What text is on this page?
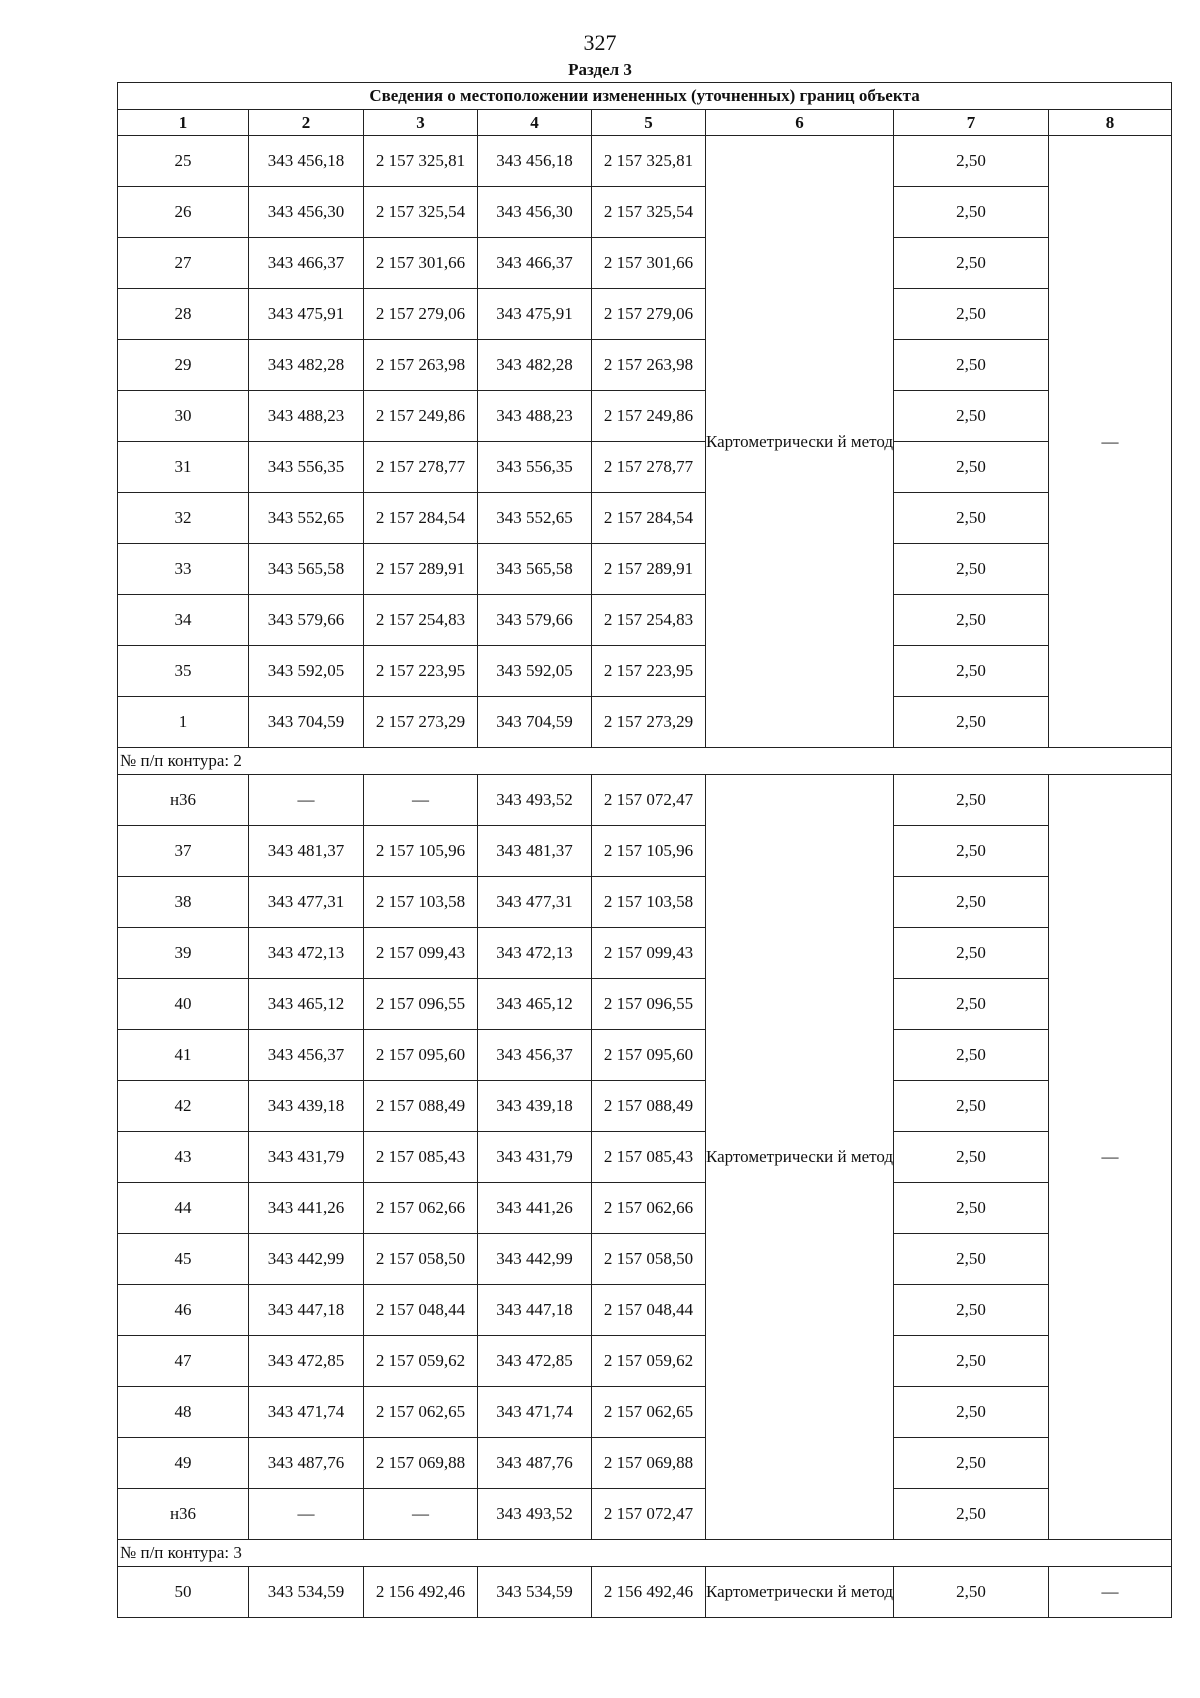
327
Раздел 3
Сведения о местоположении измененных (уточненных) границ объекта							
1	2	3	4	5	6	7	8
25	343 456,18	2 157 325,81	343 456,18	2 157 325,81	Картометрически й метод	2,50	—
26	343 456,30	2 157 325,54	343 456,30	2 157 325,54		2,50	
27	343 466,37	2 157 301,66	343 466,37	2 157 301,66		2,50	
28	343 475,91	2 157 279,06	343 475,91	2 157 279,06		2,50	
29	343 482,28	2 157 263,98	343 482,28	2 157 263,98		2,50	
30	343 488,23	2 157 249,86	343 488,23	2 157 249,86		2,50	
31	343 556,35	2 157 278,77	343 556,35	2 157 278,77		2,50	
32	343 552,65	2 157 284,54	343 552,65	2 157 284,54		2,50	
33	343 565,58	2 157 289,91	343 565,58	2 157 289,91		2,50	
34	343 579,66	2 157 254,83	343 579,66	2 157 254,83		2,50	
35	343 592,05	2 157 223,95	343 592,05	2 157 223,95		2,50	
1	343 704,59	2 157 273,29	343 704,59	2 157 273,29		2,50	
№ п/п контура: 2							
н36	—	—	343 493,52	2 157 072,47	Картометрически й метод	2,50	—
37	343 481,37	2 157 105,96	343 481,37	2 157 105,96		2,50	
38	343 477,31	2 157 103,58	343 477,31	2 157 103,58		2,50	
39	343 472,13	2 157 099,43	343 472,13	2 157 099,43		2,50	
40	343 465,12	2 157 096,55	343 465,12	2 157 096,55		2,50	
41	343 456,37	2 157 095,60	343 456,37	2 157 095,60		2,50	
42	343 439,18	2 157 088,49	343 439,18	2 157 088,49		2,50	
43	343 431,79	2 157 085,43	343 431,79	2 157 085,43		2,50	
44	343 441,26	2 157 062,66	343 441,26	2 157 062,66		2,50	
45	343 442,99	2 157 058,50	343 442,99	2 157 058,50		2,50	
46	343 447,18	2 157 048,44	343 447,18	2 157 048,44		2,50	
47	343 472,85	2 157 059,62	343 472,85	2 157 059,62		2,50	
48	343 471,74	2 157 062,65	343 471,74	2 157 062,65		2,50	
49	343 487,76	2 157 069,88	343 487,76	2 157 069,88		2,50	
н36	—	—	343 493,52	2 157 072,47		2,50	
№ п/п контура: 3							
50	343 534,59	2 156 492,46	343 534,59	2 156 492,46	Картометрически й метод	2,50	—
